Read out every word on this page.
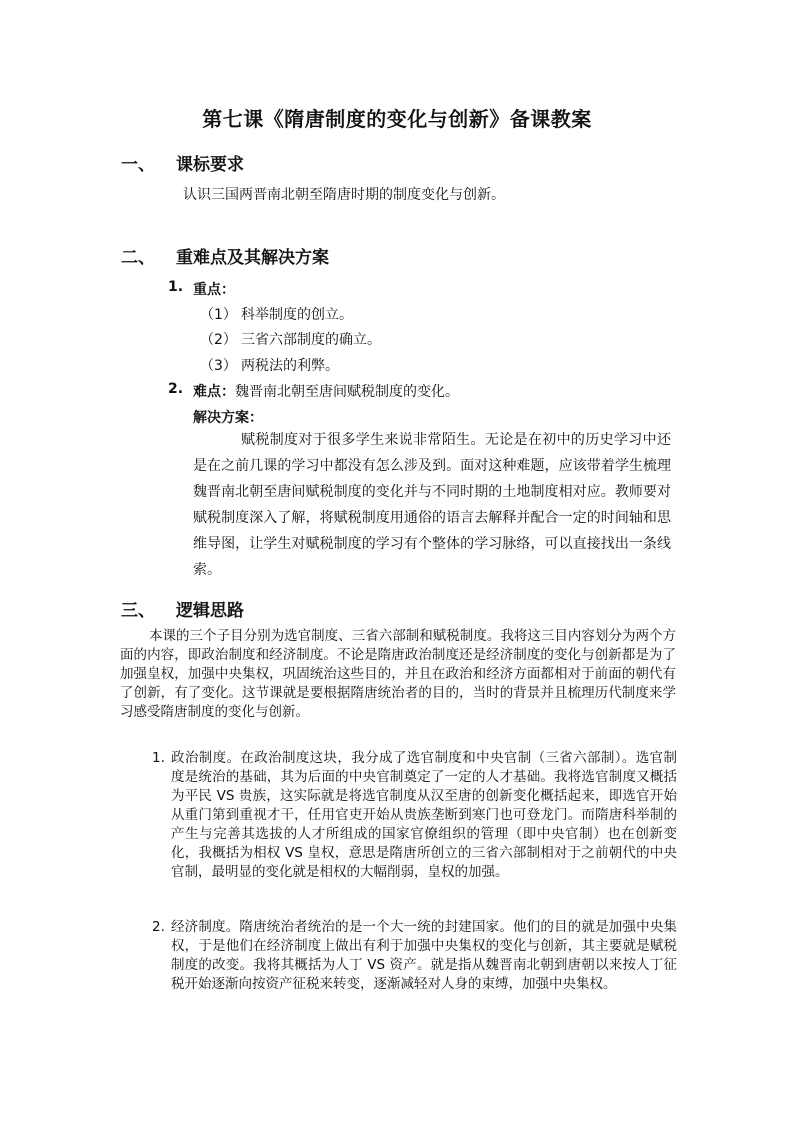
第七课《隋唐制度的变化与创新》备课教案
一、 课标要求
认识三国两晋南北朝至隋唐时期的制度变化与创新。
二、 重难点及其解决方案
1. 重点：
（1） 科举制度的创立。
（2） 三省六部制度的确立。
（3） 两税法的利弊。
2. 难点：魏晋南北朝至唐间赋税制度的变化。
解决方案：

赋税制度对于很多学生来说非常陌生。无论是在初中的历史学习中还是在之前几课的学习中都没有怎么涉及到。面对这种难题，应该带着学生梳理魏晋南北朝至唐间赋税制度的变化并与不同时期的土地制度相对应。教师要对赋税制度深入了解，将赋税制度用通俗的语言去解释并配合一定的时间轴和思维导图，让学生对赋税制度的学习有个整体的学习脉络，可以直接找出一条线索。

三、 逻辑思路

本课的三个子目分别为选官制度、三省六部制和赋税制度。我将这三目内容划分为两个方面的内容，即政治制度和经济制度。不论是隋唐政治制度还是经济制度的变化与创新都是为了加强皇权，加强中央集权，巩固统治这些目的，并且在政治和经济方面都相对于前面的朝代有了创新，有了变化。这节课就是要根据隋唐统治者的目的，当时的背景并且梳理历代制度来学习感受隋唐制度的变化与创新。

1. 政治制度。在政治制度这块，我分成了选官制度和中央官制（三省六部制）。选官制度是统治的基础，其为后面的中央官制奠定了一定的人才基础。我将选官制度又概括为平民 VS 贵族，这实际就是将选官制度从汉至唐的创新变化概括起来，即选官开始从重门第到重视才干，任用官吏开始从贵族垄断到寒门也可登龙门。而隋唐科举制的产生与完善其选拔的人才所组成的国家官僚组织的管理（即中央官制）也在创新变化，我概括为相权 VS 皇权，意思是隋唐所创立的三省六部制相对于之前朝代的中央官制，最明显的变化就是相权的大幅削弱，皇权的加强。
2. 经济制度。隋唐统治者统治的是一个大一统的封建国家。他们的目的就是加强中央集权，于是他们在经济制度上做出有利于加强中央集权的变化与创新，其主要就是赋税制度的改变。我将其概括为人丁 VS 资产。就是指从魏晋南北朝到唐朝以来按人丁征税开始逐渐向按资产征税来转变，逐渐减轻对人身的束缚，加强中央集权。
